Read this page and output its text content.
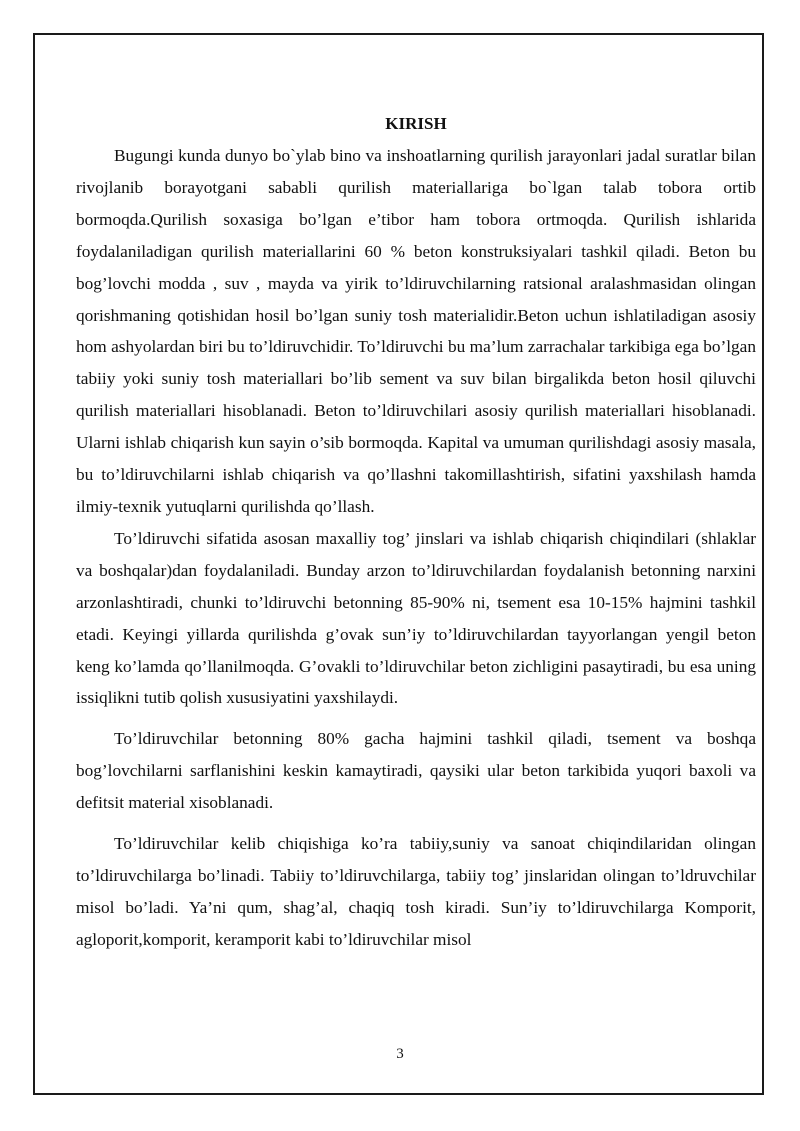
KIRISH

Bugungi kunda dunyo bo`ylab bino va inshoatlarning qurilish jarayonlari jadal suratlar bilan rivojlanib borayotgani sababli qurilish materiallariga bo`lgan talab tobora ortib bormoqda.Qurilish soxasiga bo’lgan e’tibor ham tobora ortmoqda. Qurilish ishlarida foydalaniladigan qurilish materiallarini 60 % beton konstruksiyalari tashkil qiladi. Beton bu bog’lovchi modda , suv , mayda va yirik to’ldiruvchilarning ratsional aralashmasidan olingan qorishmaning qotishidan hosil bo’lgan suniy tosh materialidir.Beton uchun ishlatiladigan asosiy hom ashyolardan biri bu to’ldiruvchidir. To’ldiruvchi bu ma’lum zarrachalar tarkibiga ega bo’lgan tabiiy yoki suniy tosh materiallari bo’lib sement va suv bilan birgalikda beton hosil qiluvchi qurilish materiallari hisoblanadi. Beton to’ldiruvchilari asosiy qurilish materiallari hisoblanadi. Ularni ishlab chiqarish kun sayin o’sib bormoqda. Kapital va umuman qurilishdagi asosiy masala, bu to’ldiruvchilarni ishlab chiqarish va qo’llashni takomillashtirish, sifatini yaxshilash hamda ilmiy-texnik yutuqlarni qurilishda qo’llash.

To’ldiruvchi sifatida asosan maxalliy tog’ jinslari va ishlab chiqarish chiqindilari (shlaklar va boshqalar)dan foydalaniladi. Bunday arzon to’ldiruvchilardan foydalanish betonning narxini arzonlashtiradi, chunki to’ldiruvchi betonning 85-90% ni, tsement esa 10-15% hajmini tashkil etadi. Keyingi yillarda qurilishda g’ovak sun’iy to’ldiruvchilardan tayyorlangan yengil beton keng ko’lamda qo’llanilmoqda. G’ovakli to’ldiruvchilar beton zichligini pasaytiradi, bu esa uning issiqlikni tutib qolish xususiyatini yaxshilaydi.

To’ldiruvchilar betonning 80% gacha hajmini tashkil qiladi, tsement va boshqa bog’lovchilarni sarflanishini keskin kamaytiradi, qaysiki ular beton tarkibida yuqori baxoli va defitsit material xisoblanadi.

To’ldiruvchilar kelib chiqishiga ko’ra tabiiy,suniy va sanoat chiqindilaridan olingan to’ldiruvchilarga bo’linadi. Tabiiy to’ldiruvchilarga, tabiiy tog’ jinslaridan olingan to’ldruvchilar misol bo’ladi. Ya’ni qum, shag’al, chaqiq tosh kiradi. Sun’iy to’ldiruvchilarga Komporit, agloporit,komporit, keramporit kabi to’ldiruvchilar misol

3
